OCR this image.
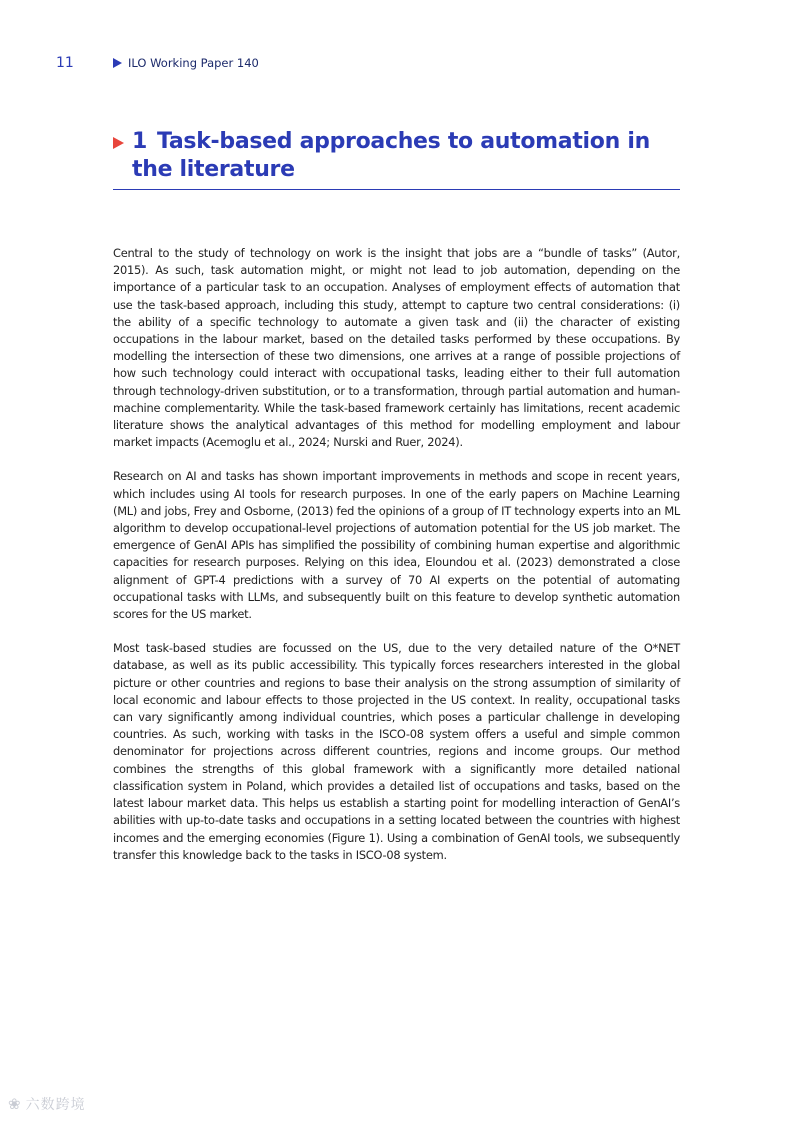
11	ILO Working Paper 140
1 Task-based approaches to automation in the literature

Central to the study of technology on work is the insight that jobs are a “bundle of tasks” (Autor, 2015). As such, task automation might, or might not lead to job automation, depending on the importance of a particular task to an occupation. Analyses of employment effects of automation that use the task-based approach, including this study, attempt to capture two central considerations: (i) the ability of a specific technology to automate a given task and (ii) the character of existing occupations in the labour market, based on the detailed tasks performed by these occupations. By modelling the intersection of these two dimensions, one arrives at a range of possible projections of how such technology could interact with occupational tasks, leading either to their full automation through technology-driven substitution, or to a transformation, through partial automation and human-machine complementarity. While the task-based framework certainly has limitations, recent academic literature shows the analytical advantages of this method for modelling employment and labour market impacts (Acemoglu et al., 2024; Nurski and Ruer, 2024).

Research on AI and tasks has shown important improvements in methods and scope in recent years, which includes using AI tools for research purposes. In one of the early papers on Machine Learning (ML) and jobs, Frey and Osborne, (2013) fed the opinions of a group of IT technology experts into an ML algorithm to develop occupational-level projections of automation potential for the US job market. The emergence of GenAI APIs has simplified the possibility of combining human expertise and algorithmic capacities for research purposes. Relying on this idea, Eloundou et al. (2023) demonstrated a close alignment of GPT-4 predictions with a survey of 70 AI experts on the potential of automating occupational tasks with LLMs, and subsequently built on this feature to develop synthetic automation scores for the US market.

Most task-based studies are focussed on the US, due to the very detailed nature of the O*NET database, as well as its public accessibility. This typically forces researchers interested in the global picture or other countries and regions to base their analysis on the strong assumption of similarity of local economic and labour effects to those projected in the US context. In reality, occupational tasks can vary significantly among individual countries, which poses a particular challenge in developing countries. As such, working with tasks in the ISCO-08 system offers a useful and simple common denominator for projections across different countries, regions and income groups. Our method combines the strengths of this global framework with a significantly more detailed national classification system in Poland, which provides a detailed list of occupations and tasks, based on the latest labour market data. This helps us establish a starting point for modelling interaction of GenAI’s abilities with up-to-date tasks and occupations in a setting located between the countries with highest incomes and the emerging economies (Figure 1). Using a combination of GenAI tools, we subsequently transfer this knowledge back to the tasks in ISCO-08 system.

❀ 六数跨境
